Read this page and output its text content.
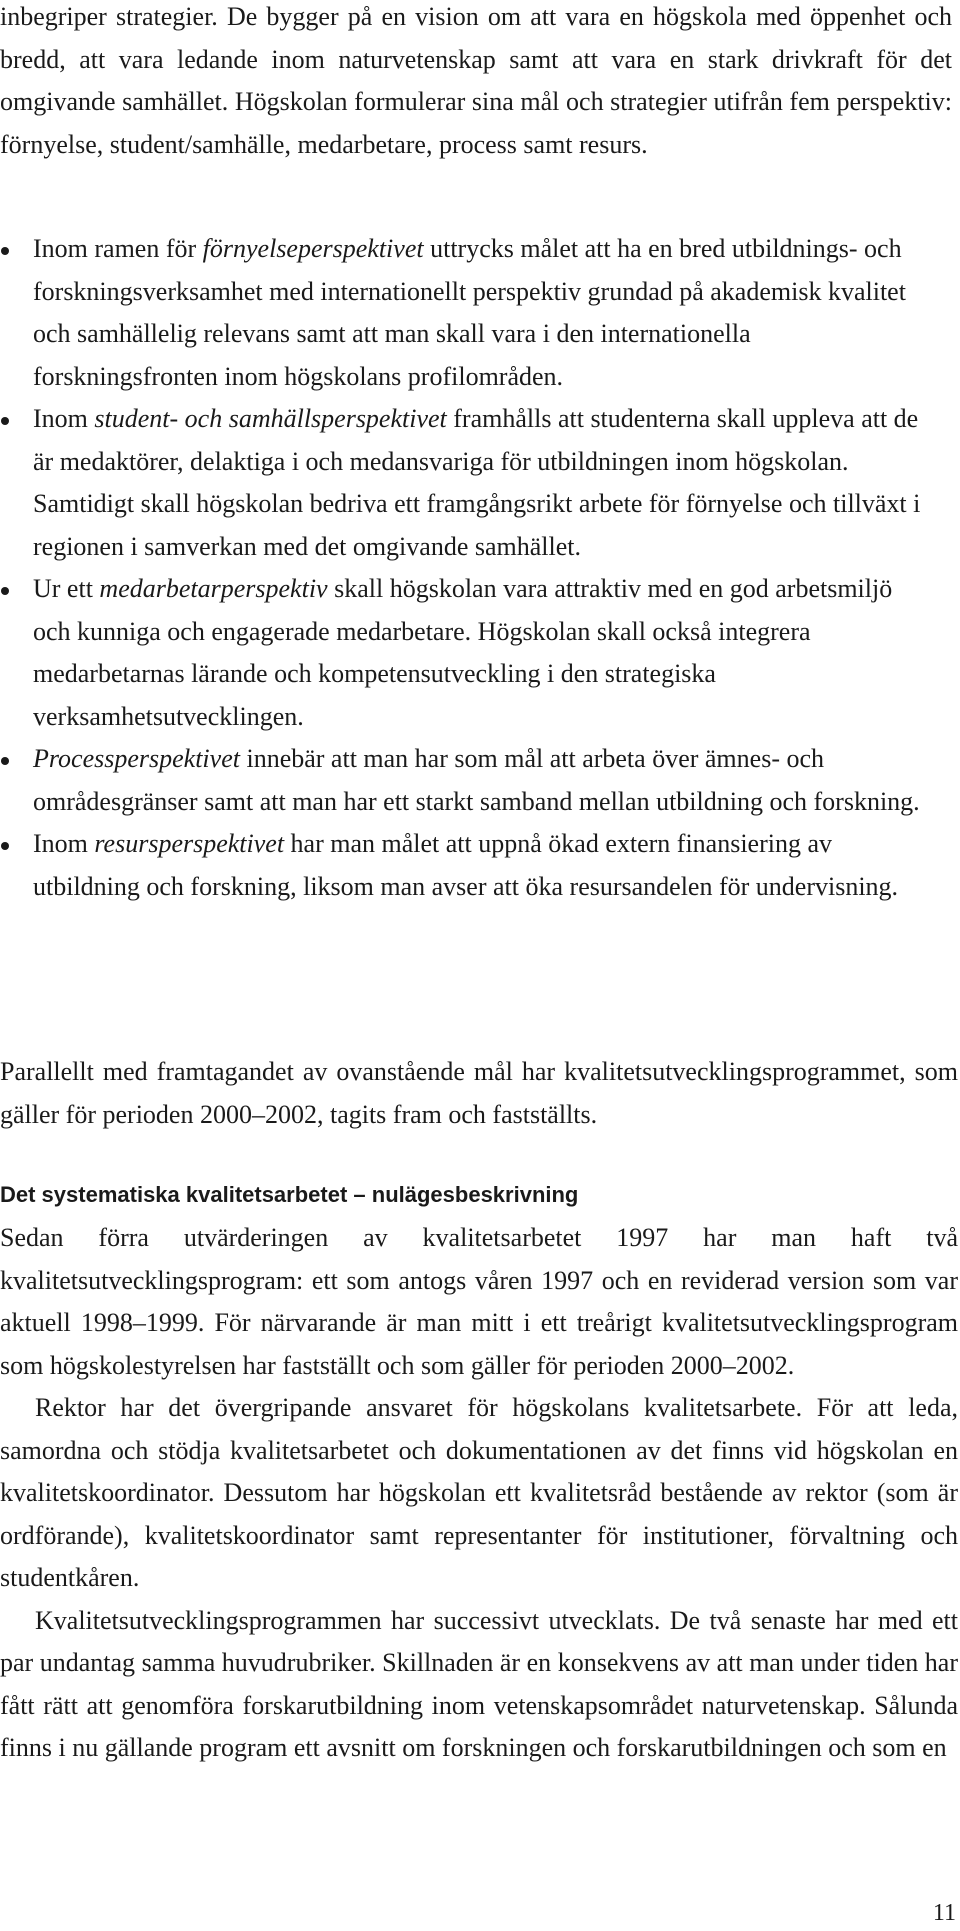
inbegriper strategier. De bygger på en vision om att vara en högskola med öppenhet och bredd, att vara ledande inom naturvetenskap samt att vara en stark drivkraft för det omgivande samhället. Högskolan formulerar sina mål och strategier utifrån fem perspektiv: förnyelse, student/samhälle, medarbetare, process samt resurs.

Inom ramen för förnyelseperspektivet uttrycks målet att ha en bred utbildnings- och forskningsverksamhet med internationellt perspektiv grundad på akademisk kvalitet och samhällelig relevans samt att man skall vara i den internationella forskningsfronten inom högskolans profilområden.

Inom student- och samhällsperspektivet framhålls att studenterna skall uppleva att de är medaktörer, delaktiga i och medansvariga för utbildningen inom högskolan. Samtidigt skall högskolan bedriva ett framgångsrikt arbete för förnyelse och tillväxt i regionen i samverkan med det omgivande samhället.

Ur ett medarbetarperspektiv skall högskolan vara attraktiv med en god arbetsmiljö och kunniga och engagerade medarbetare. Högskolan skall också integrera medarbetarnas lärande och kompetensutveckling i den strategiska verksamhetsutvecklingen.

Processperspektivet innebär att man har som mål att arbeta över ämnes- och områdesgränser samt att man har ett starkt samband mellan utbildning och forskning.

Inom resursperspektivet har man målet att uppnå ökad extern finansiering av utbildning och forskning, liksom man avser att öka resursandelen för undervisning.

Parallellt med framtagandet av ovanstående mål har kvalitetsutvecklingsprogrammet, som gäller för perioden 2000–2002, tagits fram och fastställts.

Det systematiska kvalitetsarbetet – nulägesbeskrivning

Sedan förra utvärderingen av kvalitetsarbetet 1997 har man haft två kvalitetsutvecklingsprogram: ett som antogs våren 1997 och en reviderad version som var aktuell 1998–1999. För närvarande är man mitt i ett treårigt kvalitetsutvecklingsprogram som högskolestyrelsen har fastställt och som gäller för perioden 2000–2002.

Rektor har det övergripande ansvaret för högskolans kvalitetsarbete. För att leda, samordna och stödja kvalitetsarbetet och dokumentationen av det finns vid högskolan en kvalitetskoordinator. Dessutom har högskolan ett kvalitetsråd bestående av rektor (som är ordförande), kvalitetskoordinator samt representanter för institutioner, förvaltning och studentkåren.

Kvalitetsutvecklingsprogrammen har successivt utvecklats. De två senaste har med ett par undantag samma huvudrubriker. Skillnaden är en konsekvens av att man under tiden har fått rätt att genomföra forskarutbildning inom vetenskapsområdet naturvetenskap. Sålunda finns i nu gällande program ett avsnitt om forskningen och forskarutbildningen och som en

11
